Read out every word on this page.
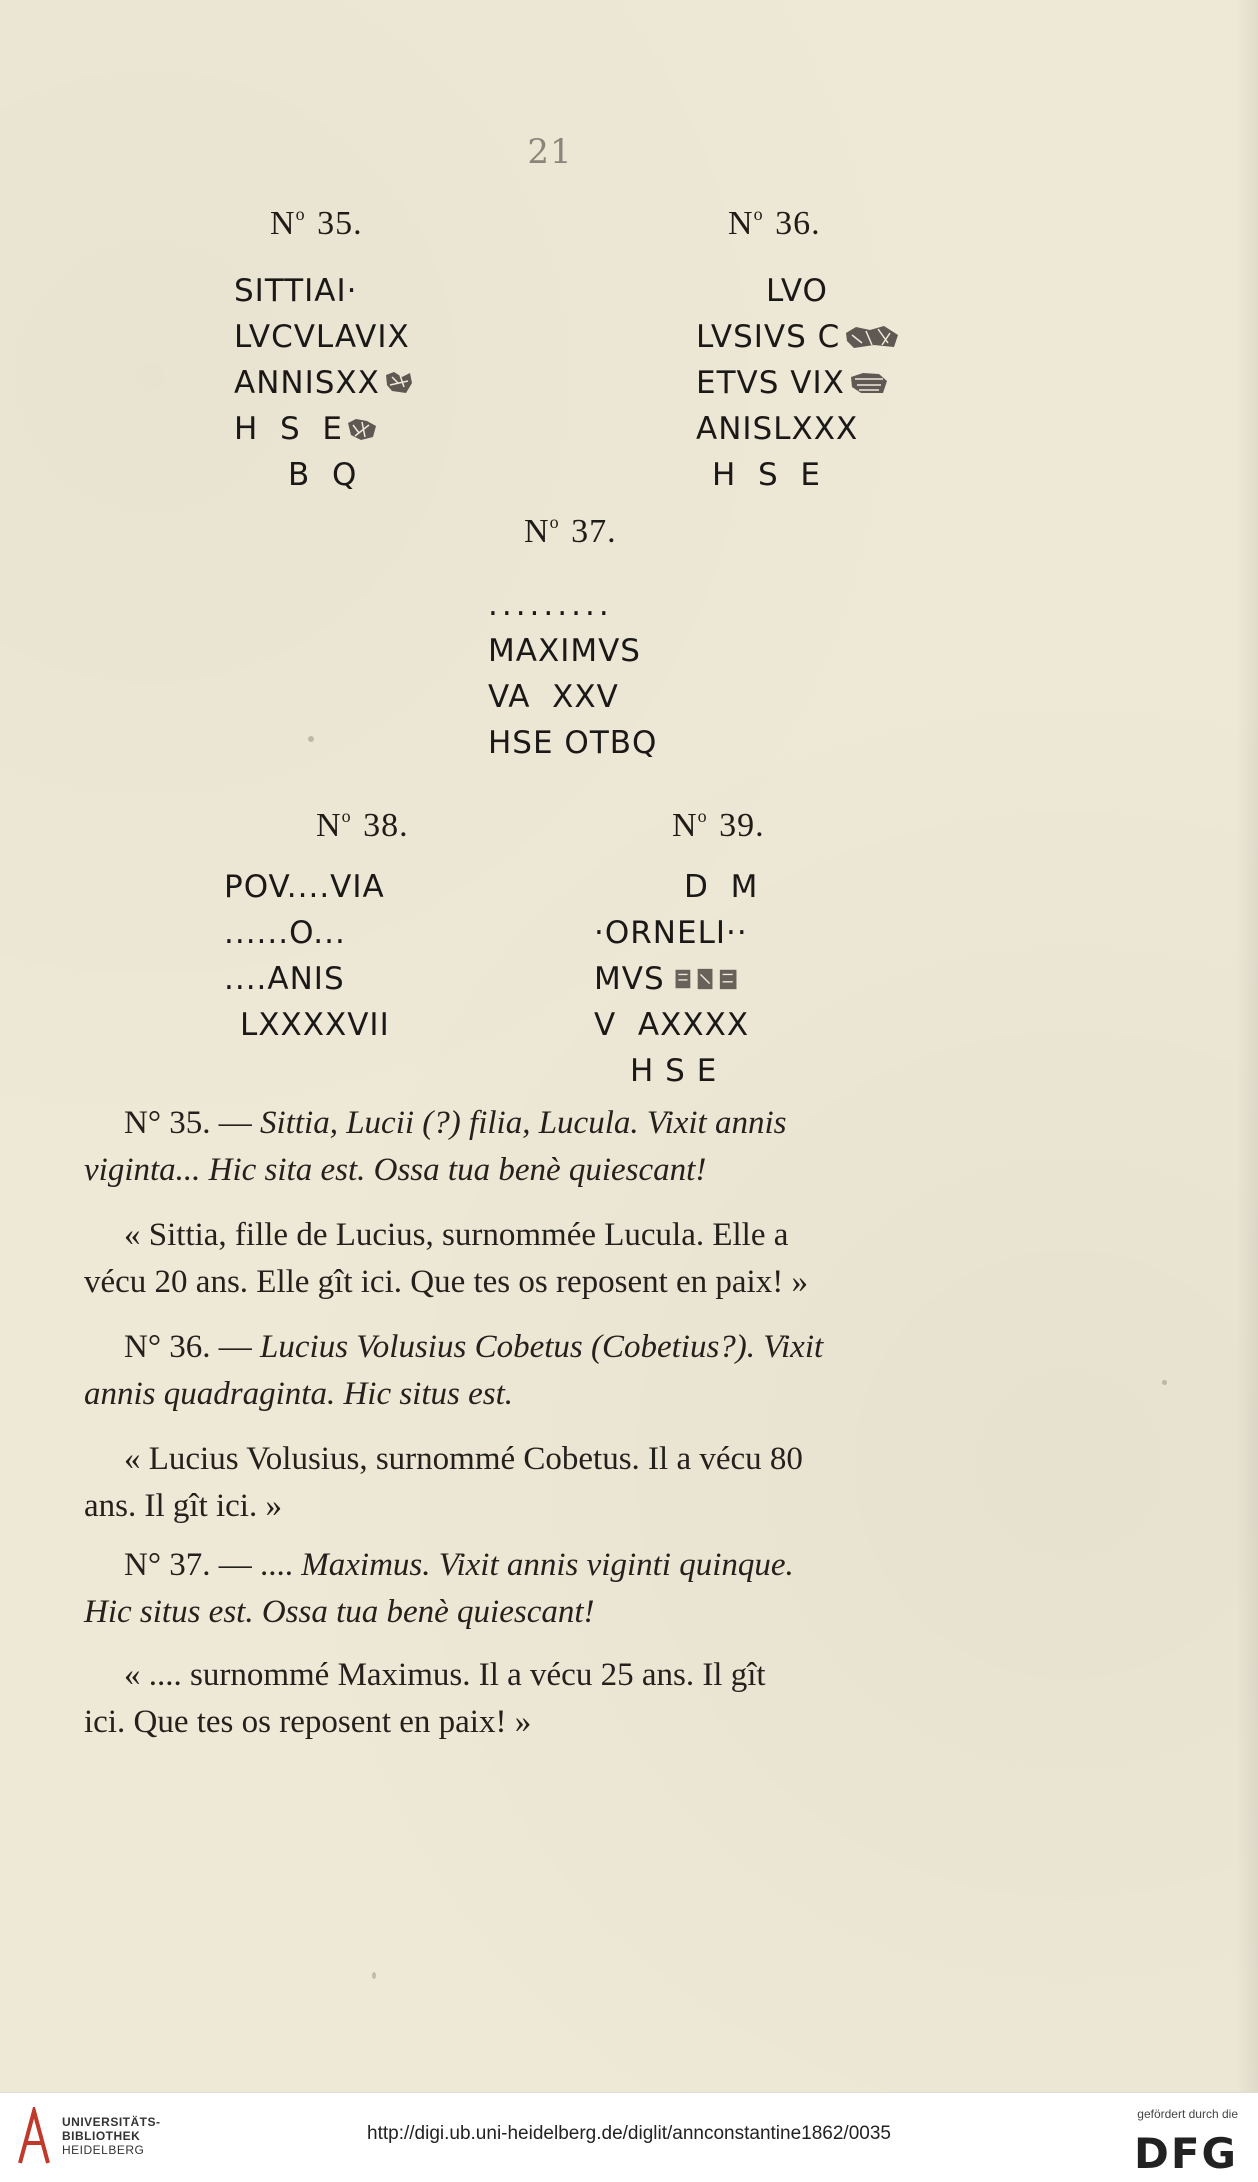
21
$N^o$ 35.
SITTIAI·
LVCVLAVIX
ANNISXX
H  S  E
B  Q
$N^o$ 36.
LVO
LVSIVS C
ETVS VIX
ANISLXXX
H  S  E
$N^o$ 37.
.........
MAXIMVS
VA  XXV
HSE OTBQ
$N^o$ 38.
POV....VIA
......O...
....ANIS
LXXXXVII
$N^o$ 39.
D  M
·ORNELI··
MVS
V  AXXXX
H S E
N° 35. — Sittia, Lucii (?) filia, Lucula. Vixit annis
viginta... Hic sita est. Ossa tua benè quiescant!
« Sittia, fille de Lucius, surnommée Lucula. Elle a
vécu 20 ans. Elle gît ici. Que tes os reposent en paix! »
N° 36. — Lucius Volusius Cobetus (Cobetius?). Vixit
annis quadraginta. Hic situs est.
« Lucius Volusius, surnommé Cobetus. Il a vécu 80
ans. Il gît ici. »
N° 37. — .... Maximus. Vixit annis viginti quinque.
Hic situs est. Ossa tua benè quiescant!
« .... surnommé Maximus. Il a vécu 25 ans. Il gît
ici. Que tes os reposent en paix! »
UNIVERSITÄTS-
BIBLIOTHEK
HEIDELBERG
http://digi.ub.uni-heidelberg.de/diglit/annconstantine1862/0035
gefördert durch die
DFG
